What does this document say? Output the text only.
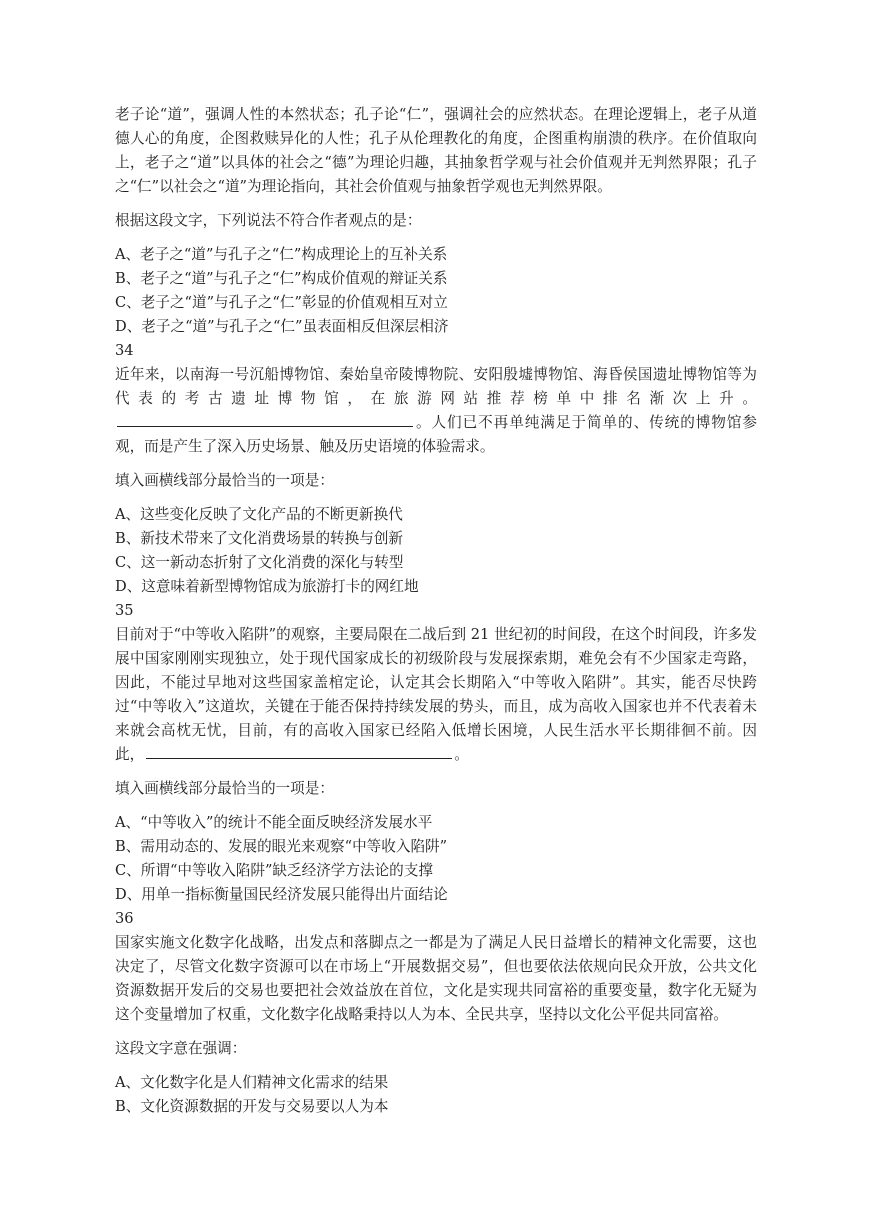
老子论“道”，强调人性的本然状态；孔子论“仁”，强调社会的应然状态。在理论逻辑上，老子从道德人心的角度，企图救赎异化的人性；孔子从伦理教化的角度，企图重构崩溃的秩序。在价值取向上，老子之“道”以具体的社会之“德”为理论归趣，其抽象哲学观与社会价值观并无判然界限；孔子之“仁”以社会之“道”为理论指向，其社会价值观与抽象哲学观也无判然界限。

根据这段文字，下列说法不符合作者观点的是：

A、老子之“道”与孔子之“仁”构成理论上的互补关系

B、老子之“道”与孔子之“仁”构成价值观的辩证关系

C、老子之“道”与孔子之“仁”彰显的价值观相互对立

D、老子之“道”与孔子之“仁”虽表面相反但深层相济

34

近年来，以南海一号沉船博物馆、秦始皇帝陵博物院、安阳殷墟博物馆、海昏侯国遗址博物馆等为代表的考古遗址博物馆，在旅游网站推荐榜单中排名渐次上升。。人们已不再单纯满足于简单的、传统的博物馆参观，而是产生了深入历史场景、触及历史语境的体验需求。

填入画横线部分最恰当的一项是：

A、这些变化反映了文化产品的不断更新换代

B、新技术带来了文化消费场景的转换与创新

C、这一新动态折射了文化消费的深化与转型

D、这意味着新型博物馆成为旅游打卡的网红地

35

目前对于“中等收入陷阱”的观察，主要局限在二战后到 21 世纪初的时间段，在这个时间段，许多发展中国家刚刚实现独立，处于现代国家成长的初级阶段与发展探索期，难免会有不少国家走弯路，因此，不能过早地对这些国家盖棺定论，认定其会长期陷入“中等收入陷阱”。其实，能否尽快跨过“中等收入”这道坎，关键在于能否保持持续发展的势头，而且，成为高收入国家也并不代表着未来就会高枕无忧，目前，有的高收入国家已经陷入低增长困境，人民生活水平长期徘徊不前。因此，	。

填入画横线部分最恰当的一项是：

A、“中等收入”的统计不能全面反映经济发展水平

B、需用动态的、发展的眼光来观察“中等收入陷阱”

C、所谓“中等收入陷阱”缺乏经济学方法论的支撑

D、用单一指标衡量国民经济发展只能得出片面结论

36

国家实施文化数字化战略，出发点和落脚点之一都是为了满足人民日益增长的精神文化需要，这也决定了，尽管文化数字资源可以在市场上“开展数据交易”，但也要依法依规向民众开放，公共文化资源数据开发后的交易也要把社会效益放在首位，文化是实现共同富裕的重要变量，数字化无疑为这个变量增加了权重，文化数字化战略秉持以人为本、全民共享，坚持以文化公平促共同富裕。

这段文字意在强调：

A、文化数字化是人们精神文化需求的结果

B、文化资源数据的开发与交易要以人为本
